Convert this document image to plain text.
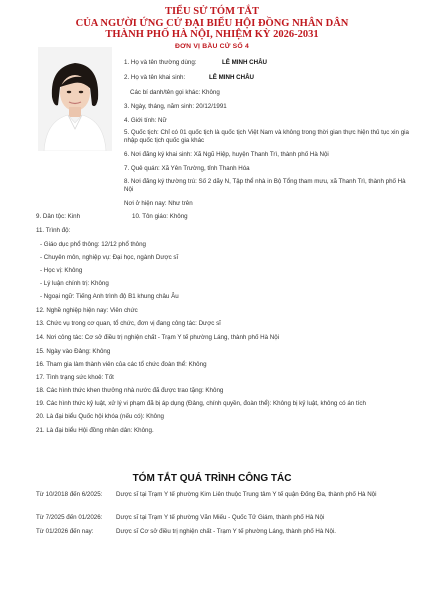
TIỂU SỬ TÓM TẮT
CỦA NGƯỜI ỨNG CỬ ĐẠI BIỂU HỘI ĐỒNG NHÂN DÂN
THÀNH PHỐ HÀ NỘI, NHIỆM KỲ 2026-2031
ĐƠN VỊ BẦU CỬ SỐ 4
1. Họ và tên thường dùng:	LÊ MINH CHÂU
2. Họ và tên khai sinh:	LÊ MINH CHÂU
Các bí danh/tên gọi khác: Không
3. Ngày, tháng, năm sinh: 20/12/1991
4. Giới tính: Nữ
5. Quốc tịch: Chỉ có 01 quốc tịch là quốc tịch Việt Nam và không trong thời gian thực hiện thủ tục xin gia nhập quốc tịch quốc gia khác
6. Nơi đăng ký khai sinh: Xã Ngũ Hiệp, huyện Thanh Trì, thành phố Hà Nội
7. Quê quán: Xã Yên Trường, tỉnh Thanh Hóa
8. Nơi đăng ký thường trú: Số 2 dãy N, Tập thể nhà in Bộ Tổng tham mưu, xã Thanh Trì, thành phố Hà Nội
Nơi ở hiện nay: Như trên
9. Dân tộc: Kinh	10. Tôn giáo: Không
11. Trình độ:
- Giáo dục phổ thông: 12/12 phổ thông
- Chuyên môn, nghiệp vụ: Đại học, ngành Dược sĩ
- Học vị: Không
- Lý luận chính trị: Không
- Ngoại ngữ: Tiếng Anh trình độ B1 khung châu Âu
12. Nghề nghiệp hiện nay: Viên chức
13. Chức vụ trong cơ quan, tổ chức, đơn vị đang công tác: Dược sĩ
14. Nơi công tác: Cơ sở điều trị nghiện chất - Trạm Y tế phường Láng, thành phố Hà Nội
15. Ngày vào Đảng: Không
16. Tham gia làm thành viên của các tổ chức đoàn thể: Không
17. Tình trạng sức khoẻ: Tốt
18. Các hình thức khen thưởng nhà nước đã được trao tặng: Không
19. Các hình thức kỷ luật, xử lý vi phạm đã bị áp dụng (Đảng, chính quyền, đoàn thể): Không bị kỷ luật, không có án tích
20. Là đại biểu Quốc hội khóa (nếu có): Không
21. Là đại biểu Hội đồng nhân dân: Không.
TÓM TẮT QUÁ TRÌNH CÔNG TÁC
Từ 10/2018 đến 6/2025:	Dược sĩ tại Trạm Y tế phường Kim Liên thuộc Trung tâm Y tế quận Đống Đa, thành phố Hà Nội
Từ 7/2025 đến 01/2026:	Dược sĩ tại Trạm Y tế phường Văn Miếu - Quốc Tử Giám, thành phố Hà Nội
Từ 01/2026 đến nay:	Dược sĩ Cơ sở điều trị nghiện chất - Trạm Y tế phường Láng, thành phố Hà Nội.
